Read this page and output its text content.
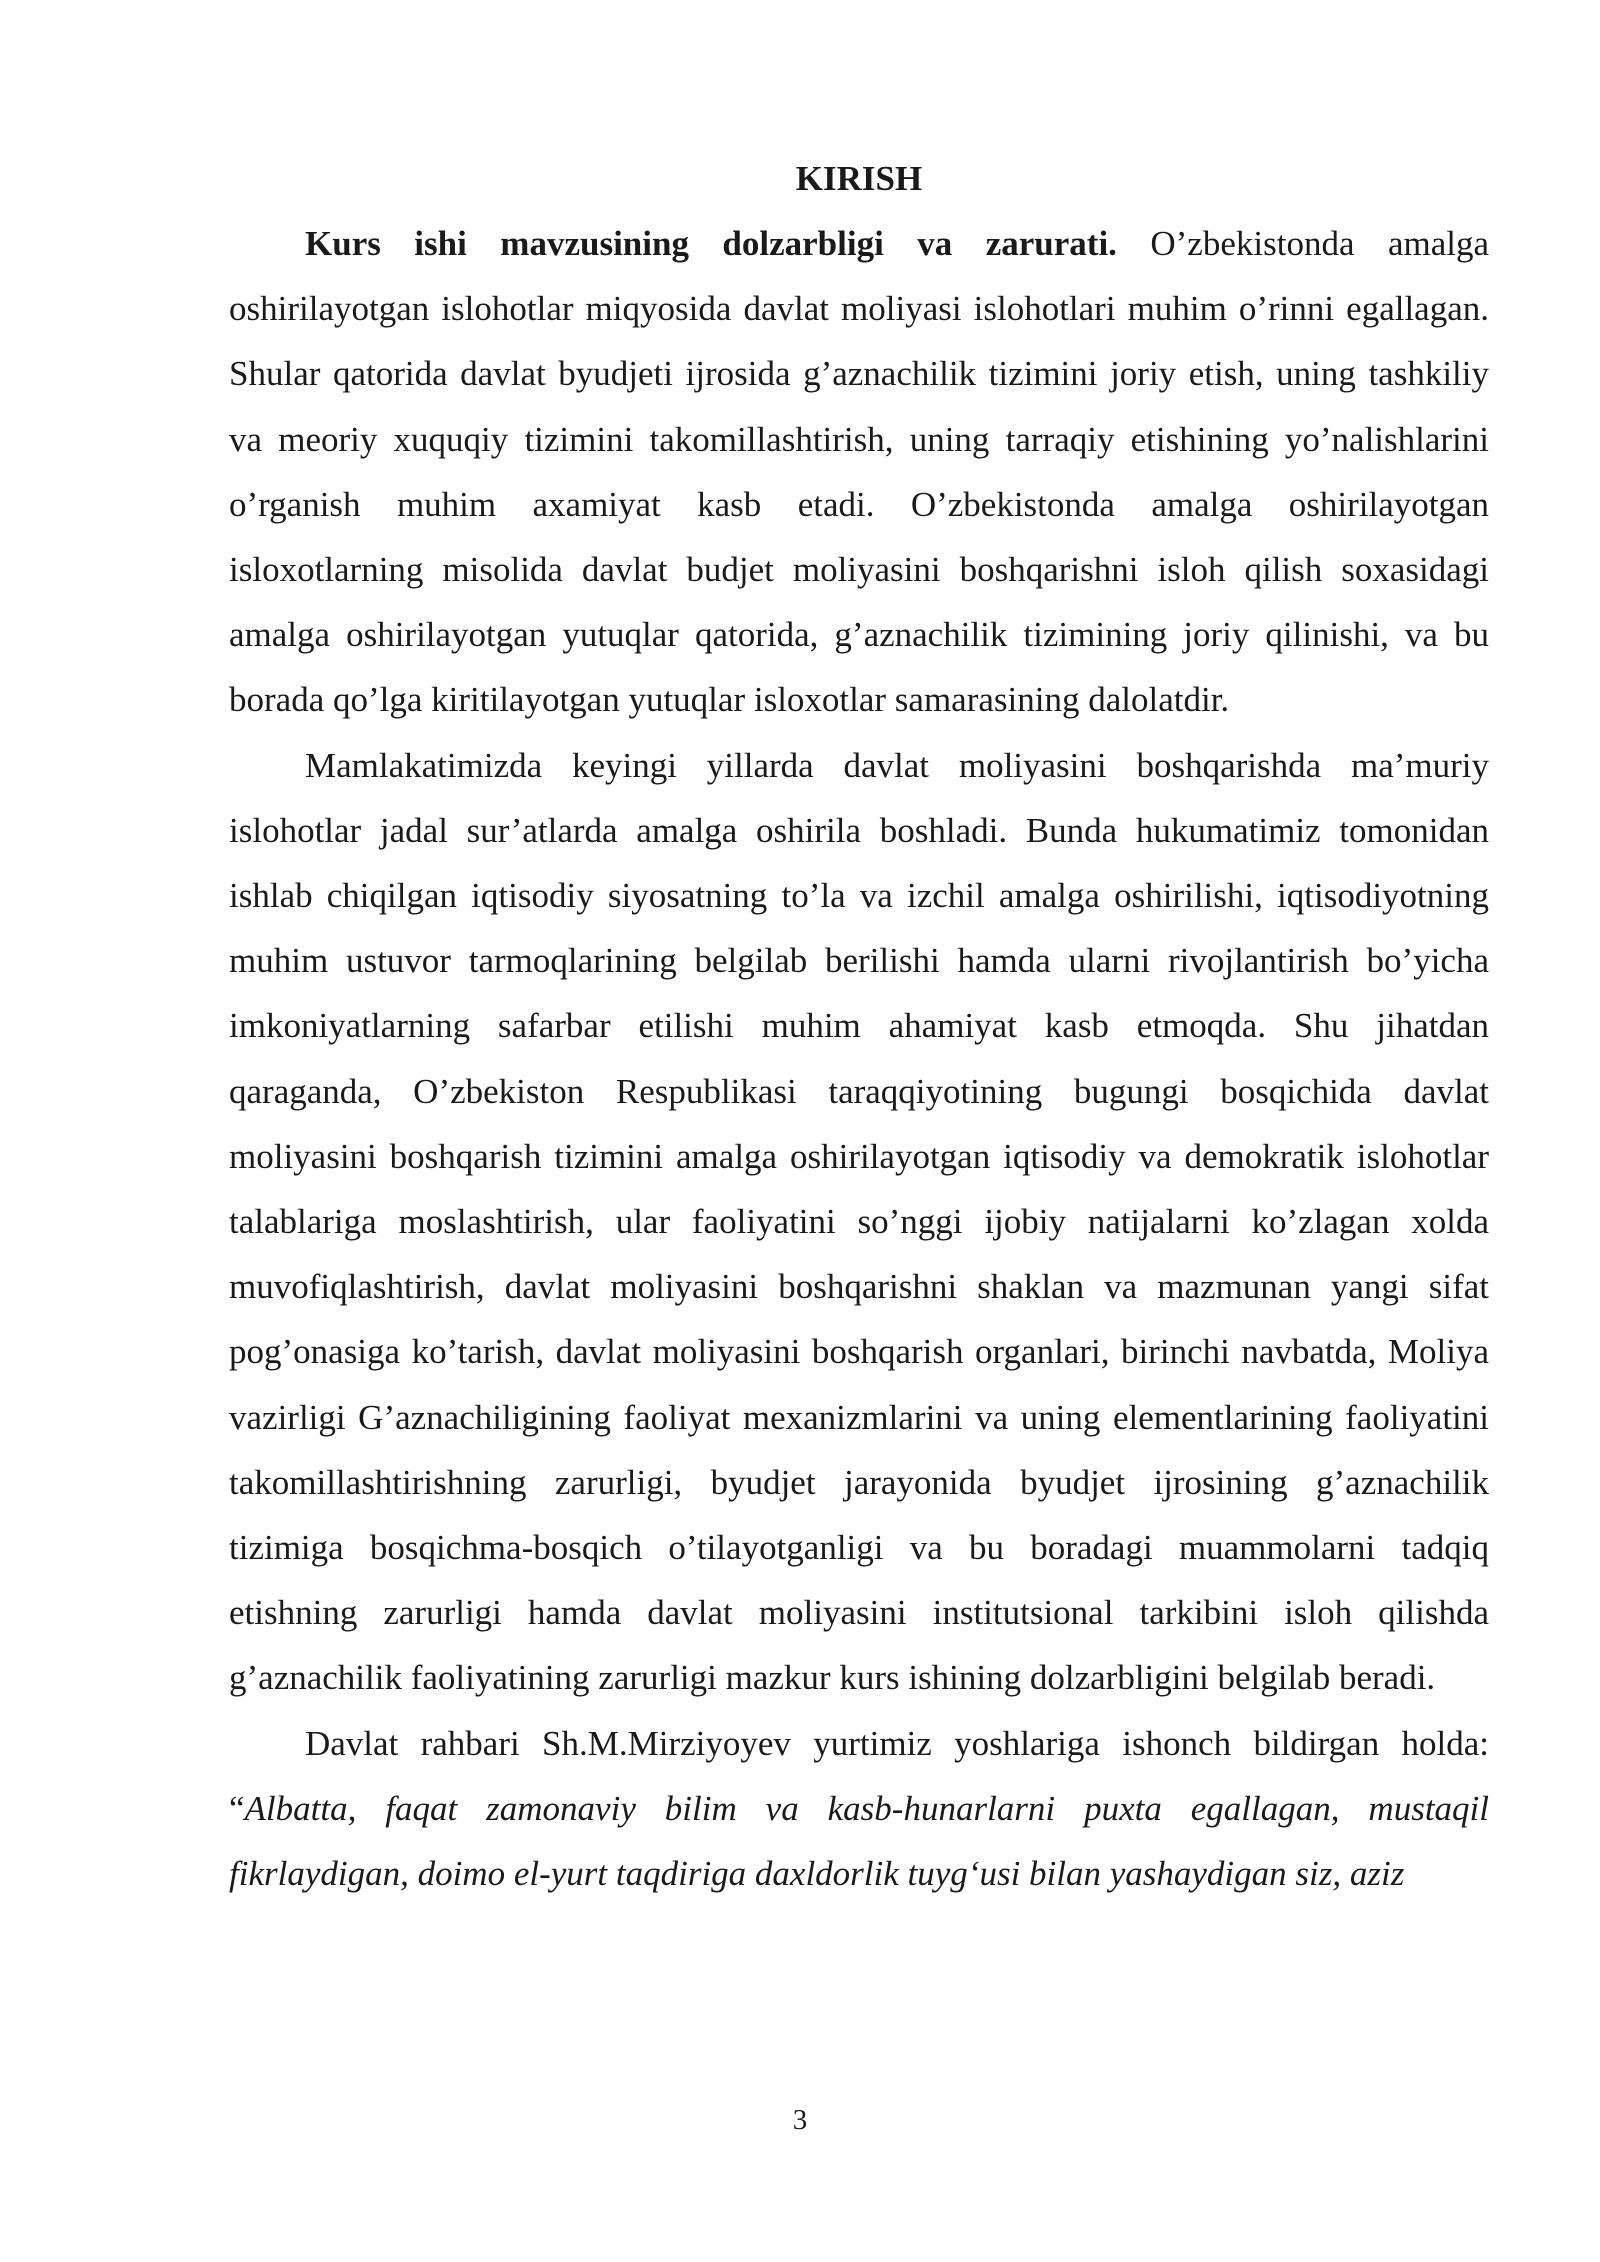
KIRISH

Kurs ishi mavzusining dolzarbligi va zarurati. O’zbekistonda amalga oshirilayotgan islohotlar miqyosida davlat moliyasi islohotlari muhim o’rinni egallagan. Shular qatorida davlat byudjeti ijrosida g’aznachilik tizimini joriy etish, uning tashkiliy va meoriy xuquqiy tizimini takomillashtirish, uning tarraqiy etishining yo’nalishlarini o’rganish muhim axamiyat kasb etadi. O’zbekistonda amalga oshirilayotgan isloxotlarning misolida davlat budjet moliyasini boshqarishni isloh qilish soxasidagi amalga oshirilayotgan yutuqlar qatorida, g’aznachilik tizimining joriy qilinishi, va bu borada qo’lga kiritilayotgan yutuqlar isloxotlar samarasining dalolatdir.

Mamlakatimizda keyingi yillarda davlat moliyasini boshqarishda ma’muriy islohotlar jadal sur’atlarda amalga oshirila boshladi. Bunda hukumatimiz tomonidan ishlab chiqilgan iqtisodiy siyosatning to’la va izchil amalga oshirilishi, iqtisodiyotning muhim ustuvor tarmoqlarining belgilab berilishi hamda ularni rivojlantirish bo’yicha imkoniyatlarning safarbar etilishi muhim ahamiyat kasb etmoqda. Shu jihatdan qaraganda, O’zbekiston Respublikasi taraqqiyotining bugungi bosqichida davlat moliyasini boshqarish tizimini amalga oshirilayotgan iqtisodiy va demokratik islohotlar talablariga moslashtirish, ular faoliyatini so’nggi ijobiy natijalarni ko’zlagan xolda muvofiqlashtirish, davlat moliyasini boshqarishni shaklan va mazmunan yangi sifat pog’onasiga ko’tarish, davlat moliyasini boshqarish organlari, birinchi navbatda, Moliya vazirligi G’aznachiligining faoliyat mexanizmlarini va uning elementlarining faoliyatini takomillashtirishning zarurligi, byudjet jarayonida byudjet ijrosining g’aznachilik tizimiga bosqichma-bosqich o’tilayotganligi va bu boradagi muammolarni tadqiq etishning zarurligi hamda davlat moliyasini institutsional tarkibini isloh qilishda g’aznachilik faoliyatining zarurligi mazkur kurs ishining dolzarbligini belgilab beradi.

Davlat rahbari Sh.M.Mirziyoyev yurtimiz yoshlariga ishonch bildirgan holda: “Albatta, faqat zamonaviy bilim va kasb-hunarlarni puxta egallagan, mustaqil fikrlaydigan, doimo el-yurt taqdiriga daxldorlik tuyg‘usi bilan yashaydigan siz, aziz

3
